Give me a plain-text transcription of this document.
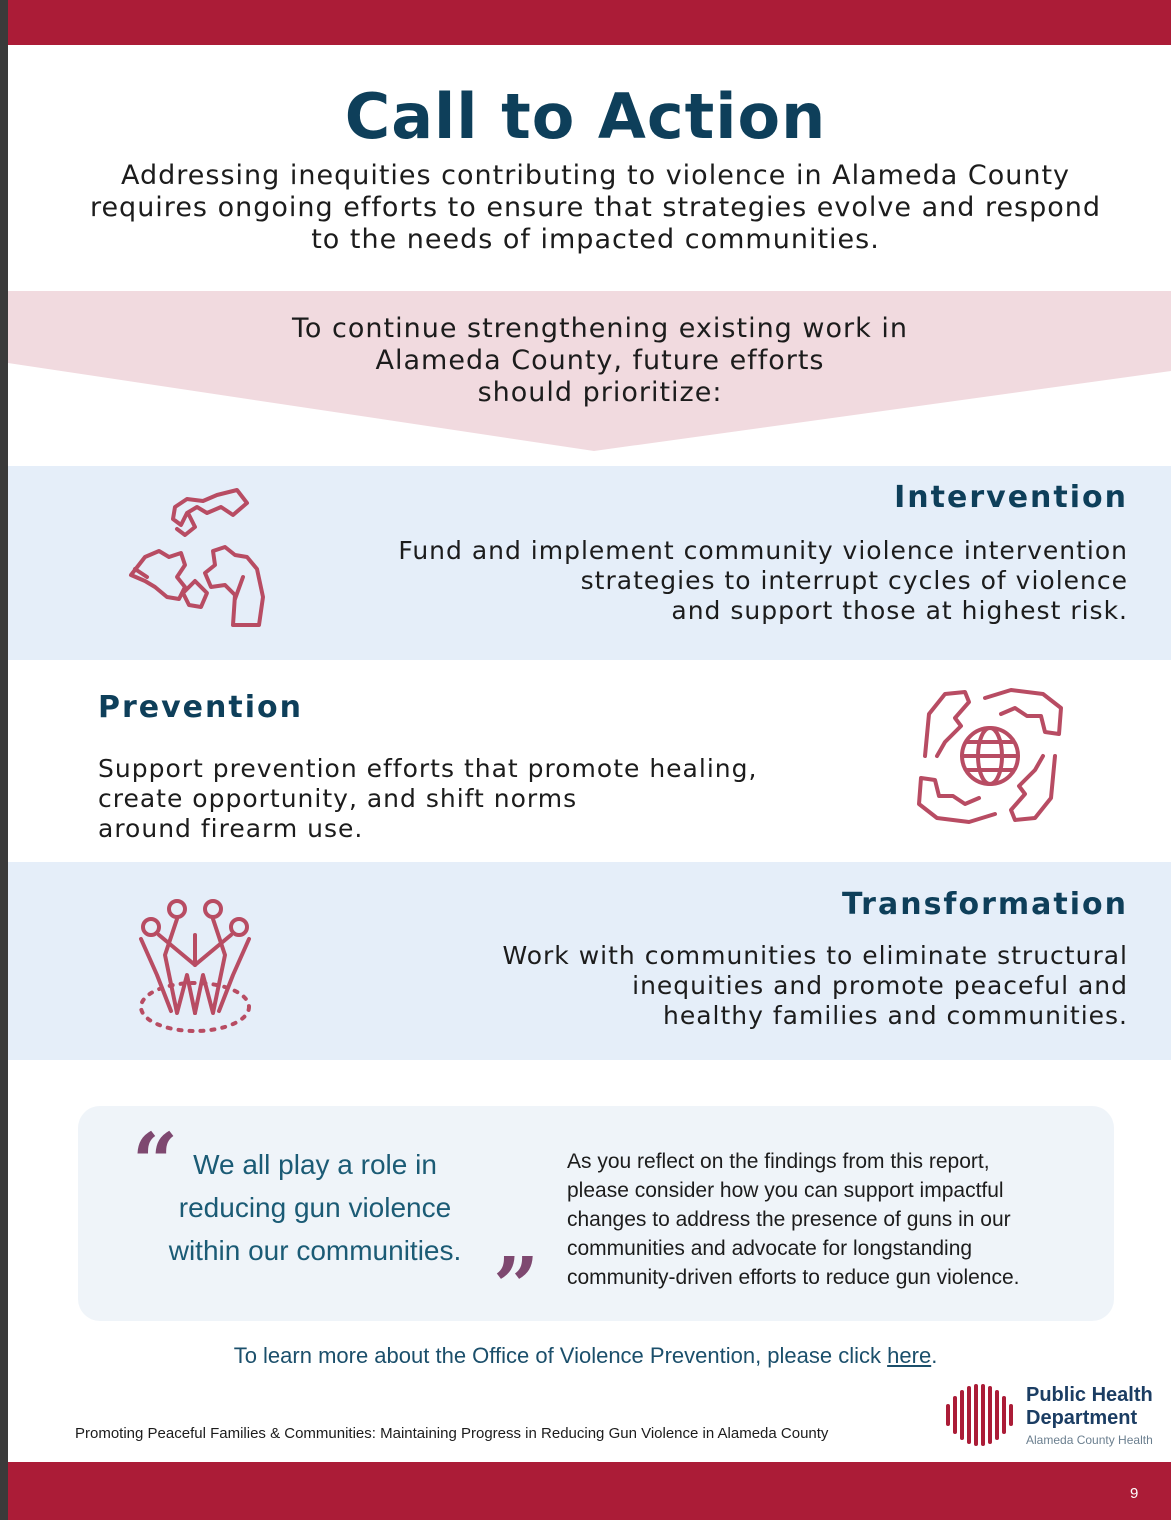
Call to Action
Addressing inequities contributing to violence in Alameda County
requires ongoing efforts to ensure that strategies evolve and respond
to the needs of impacted communities.
To continue strengthening existing work in
Alameda County, future efforts
should prioritize:
Intervention
Fund and implement community violence intervention
strategies to interrupt cycles of violence
and support those at highest risk.
Prevention
Support prevention efforts that promote healing,
create opportunity, and shift norms
around firearm use.
Transformation
Work with communities to eliminate structural
inequities and promote peaceful and
healthy families and communities.
“
”
We all play a role in
reducing gun violence
within our communities.
As you reflect on the findings from this report,
please consider how you can support impactful
changes to address the presence of guns in our
communities and advocate for longstanding
community-driven efforts to reduce gun violence.
To learn more about the Office of Violence Prevention, please click here.
Promoting Peaceful Families & Communities: Maintaining Progress in Reducing Gun Violence in Alameda County
Public Health
Department
Alameda County Health
9
